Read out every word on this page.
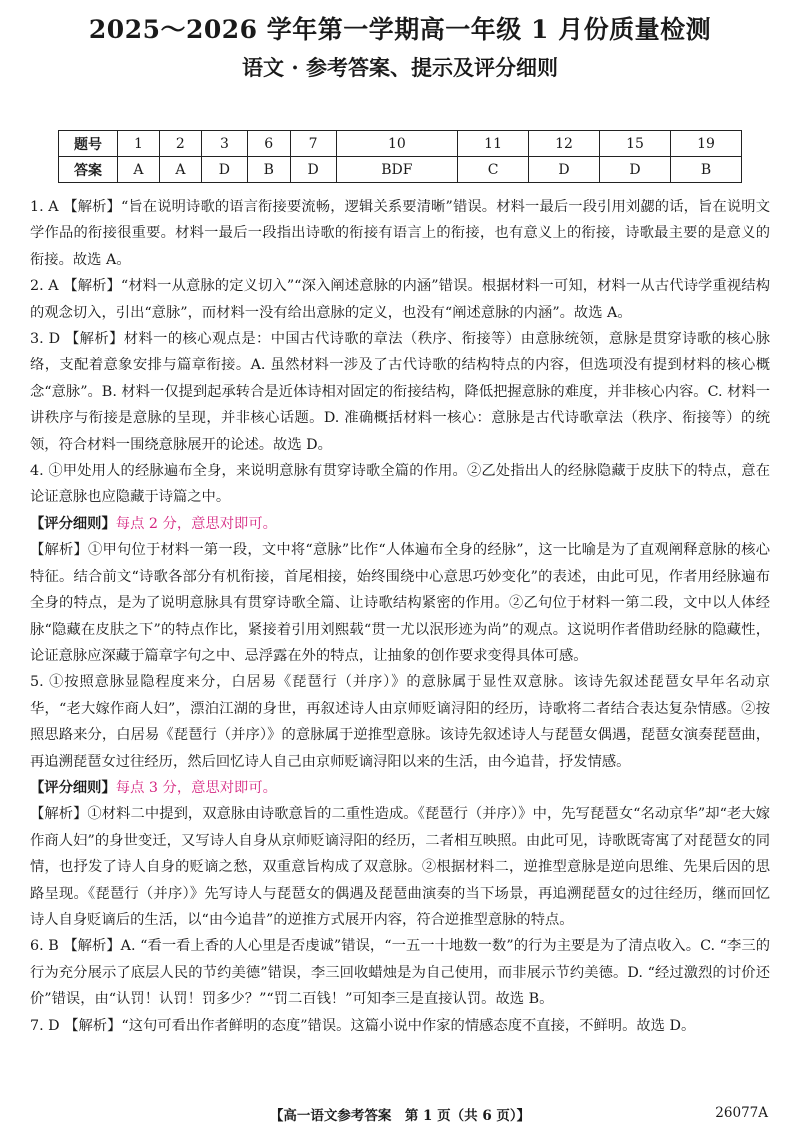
2025～2026 学年第一学期高一年级 1 月份质量检测
语文 · 参考答案、提示及评分细则
题号	1	2	3	6	7	10	11	12	15	19
答案	A	A	D	B	D	BDF	C	D	D	B

1. A 【解析】“旨在说明诗歌的语言衔接要流畅，逻辑关系要清晰”错误。材料一最后一段引用刘勰的话，旨在说明文学作品的衔接很重要。材料一最后一段指出诗歌的衔接有语言上的衔接，也有意义上的衔接，诗歌最主要的是意义的衔接。故选 A。

2. A 【解析】“材料一从意脉的定义切入”“深入阐述意脉的内涵”错误。根据材料一可知，材料一从古代诗学重视结构的观念切入，引出“意脉”，而材料一没有给出意脉的定义，也没有“阐述意脉的内涵”。故选 A。

3. D 【解析】材料一的核心观点是：中国古代诗歌的章法（秩序、衔接等）由意脉统领，意脉是贯穿诗歌的核心脉络，支配着意象安排与篇章衔接。A. 虽然材料一涉及了古代诗歌的结构特点的内容，但选项没有提到材料的核心概念“意脉”。B. 材料一仅提到起承转合是近体诗相对固定的衔接结构，降低把握意脉的难度，并非核心内容。C. 材料一讲秩序与衔接是意脉的呈现，并非核心话题。D. 准确概括材料一核心：意脉是古代诗歌章法（秩序、衔接等）的统领，符合材料一围绕意脉展开的论述。故选 D。

4. ①甲处用人的经脉遍布全身，来说明意脉有贯穿诗歌全篇的作用。②乙处指出人的经脉隐藏于皮肤下的特点，意在论证意脉也应隐藏于诗篇之中。

【评分细则】每点 2 分，意思对即可。

【解析】①甲句位于材料一第一段，文中将“意脉”比作“人体遍布全身的经脉”，这一比喻是为了直观阐释意脉的核心特征。结合前文“诗歌各部分有机衔接，首尾相接，始终围绕中心意思巧妙变化”的表述，由此可见，作者用经脉遍布全身的特点，是为了说明意脉具有贯穿诗歌全篇、让诗歌结构紧密的作用。②乙句位于材料一第二段，文中以人体经脉“隐藏在皮肤之下”的特点作比，紧接着引用刘熙载“贯一尤以泯形迹为尚”的观点。这说明作者借助经脉的隐藏性，论证意脉应深藏于篇章字句之中、忌浮露在外的特点，让抽象的创作要求变得具体可感。

5. ①按照意脉显隐程度来分，白居易《琵琶行（并序）》的意脉属于显性双意脉。该诗先叙述琵琶女早年名动京华，“老大嫁作商人妇”，漂泊江湖的身世，再叙述诗人由京师贬谪浔阳的经历，诗歌将二者结合表达复杂情感。②按照思路来分，白居易《琵琶行（并序）》的意脉属于逆推型意脉。该诗先叙述诗人与琵琶女偶遇，琵琶女演奏琵琶曲，再追溯琵琶女过往经历，然后回忆诗人自己由京师贬谪浔阳以来的生活，由今追昔，抒发情感。

【评分细则】每点 3 分，意思对即可。

【解析】①材料二中提到，双意脉由诗歌意旨的二重性造成。《琵琶行（并序）》中，先写琵琶女“名动京华”却“老大嫁作商人妇”的身世变迁，又写诗人自身从京师贬谪浔阳的经历，二者相互映照。由此可见，诗歌既寄寓了对琵琶女的同情，也抒发了诗人自身的贬谪之愁，双重意旨构成了双意脉。②根据材料二，逆推型意脉是逆向思维、先果后因的思路呈现。《琵琶行（并序）》先写诗人与琵琶女的偶遇及琵琶曲演奏的当下场景，再追溯琵琶女的过往经历，继而回忆诗人自身贬谪后的生活，以“由今追昔”的逆推方式展开内容，符合逆推型意脉的特点。

6. B 【解析】A. “看一看上香的人心里是否虔诚”错误，“一五一十地数一数”的行为主要是为了清点收入。C. “李三的行为充分展示了底层人民的节约美德”错误，李三回收蜡烛是为自己使用，而非展示节约美德。D. “经过激烈的讨价还价”错误，由“认罚！认罚！罚多少？”“罚二百钱！”可知李三是直接认罚。故选 B。

7. D 【解析】“这句可看出作者鲜明的态度”错误。这篇小说中作家的情感态度不直接，不鲜明。故选 D。

【高一语文参考答案　第 1 页（共 6 页）】	26077A
